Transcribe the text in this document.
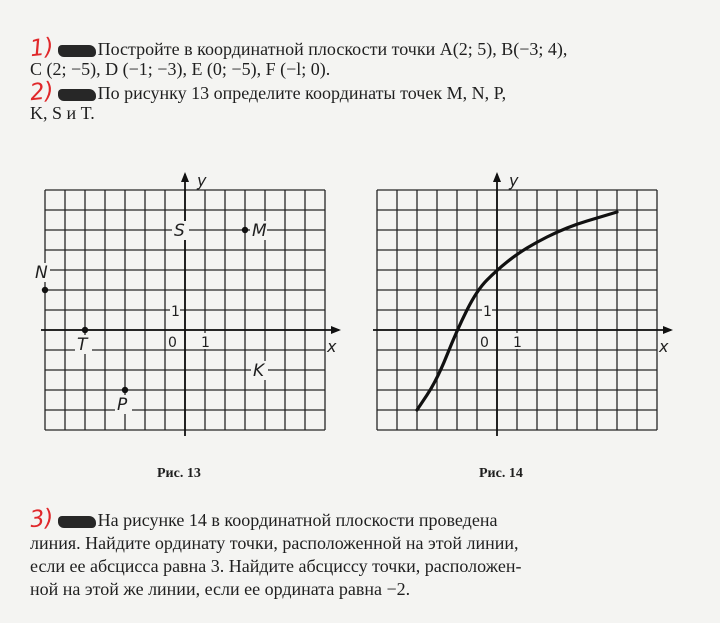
1) Постройте в координатной плоскости точки A(2; 5), B(−3; 4),
C (2; −5), D (−1; −3), E (0; −5), F (−l; 0).
2) По рисунку 13 определите координаты точек M, N, P,
K, S и T.
x
y
0 1
1
N
T
S	M
P
K
x
y
0 1
1
Рис. 13	Рис. 14
3) На рисунке 14 в координатной плоскости проведена
линия. Найдите ординату точки, расположенной на этой линии,
если ее абсцисса равна 3. Найдите абсциссу точки, расположен-
ной на этой же линии, если ее ордината равна −2.
